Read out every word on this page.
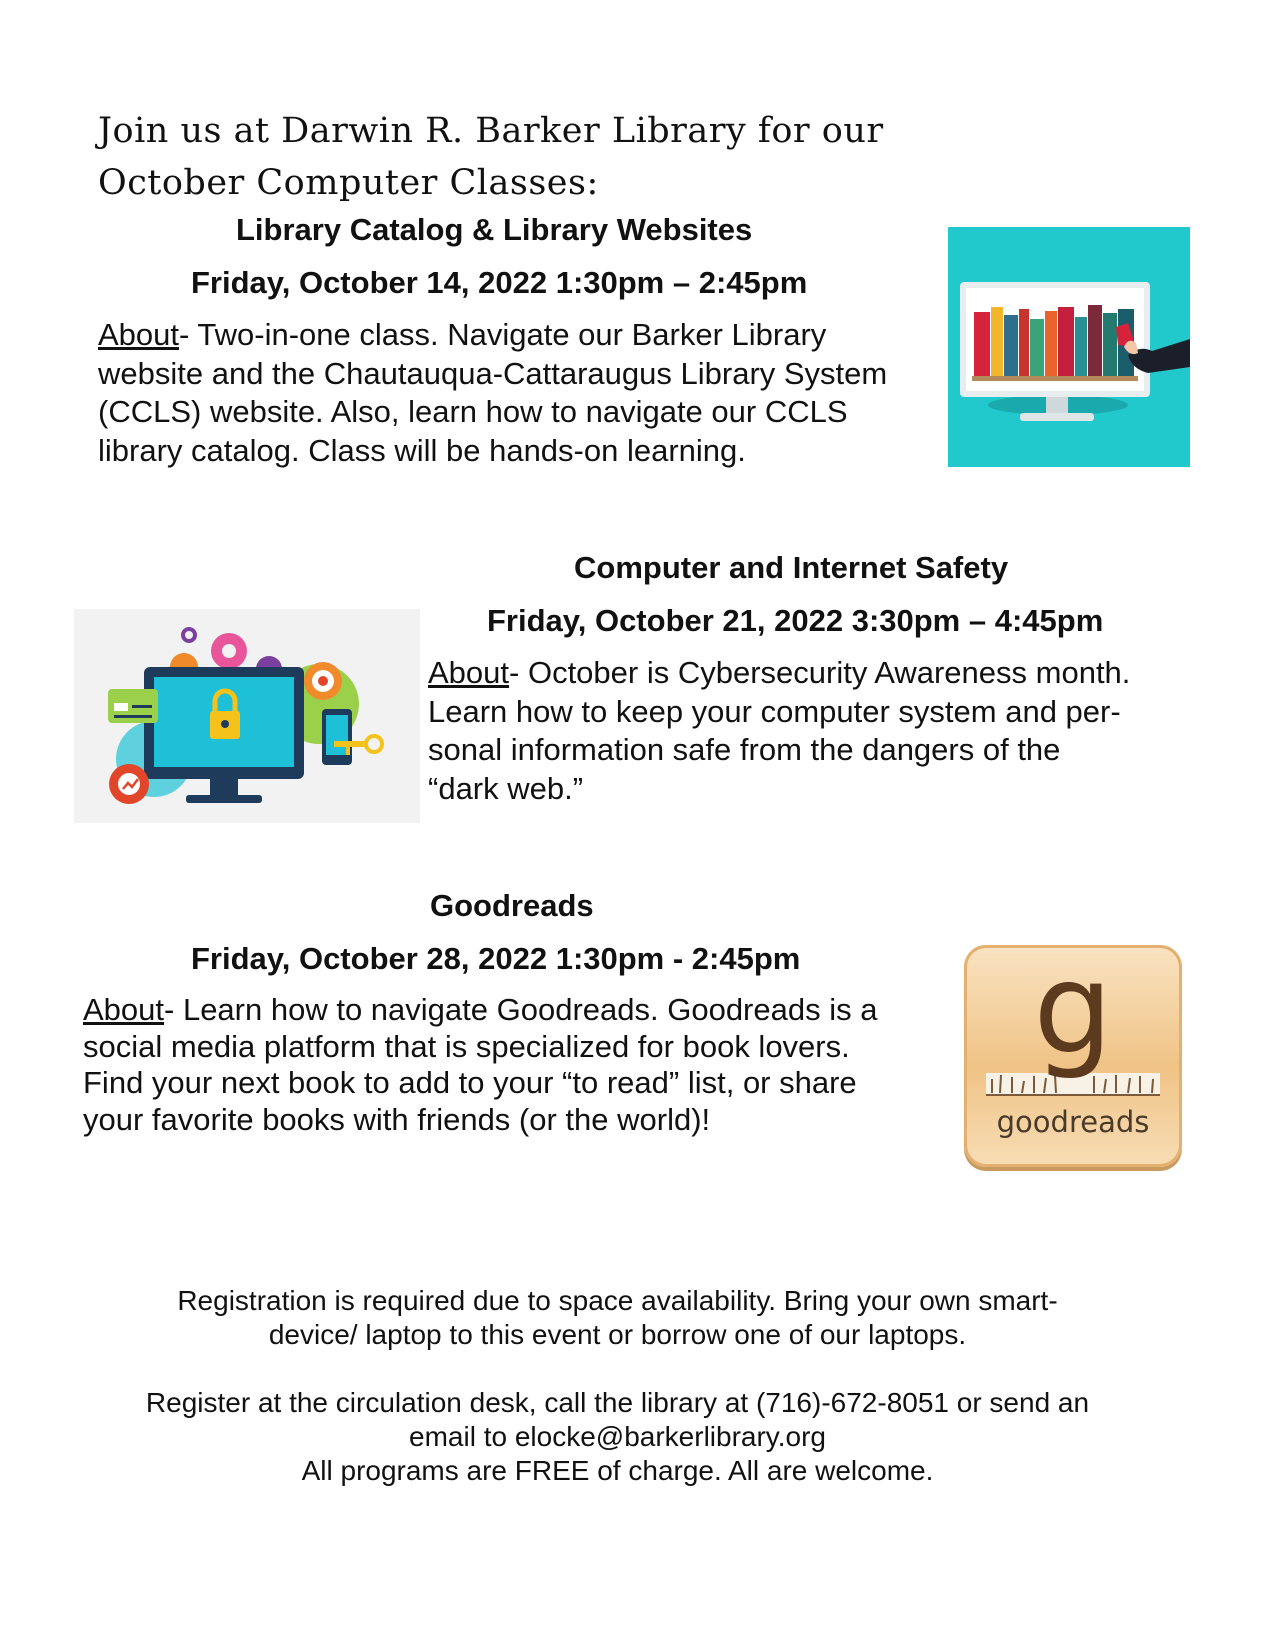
Join us at Darwin R. Barker Library for our
October Computer Classes:
Library Catalog & Library Websites
Friday, October 14, 2022 1:30pm – 2:45pm
About- Two-in-one class. Navigate our Barker Library
website and the Chautauqua-Cattaraugus Library System
(CCLS) website. Also, learn how to navigate our CCLS
library catalog. Class will be hands-on learning.
Computer and Internet Safety
Friday, October 21, 2022 3:30pm – 4:45pm
About- October is Cybersecurity Awareness month.
Learn how to keep your computer system and per-
sonal information safe from the dangers of the
“dark web.”
Goodreads
Friday, October 28, 2022 1:30pm - 2:45pm
About- Learn how to navigate Goodreads. Goodreads is a
social media platform that is specialized for book lovers.
Find your next book to add to your “to read” list, or share
your favorite books with friends (or the world)!
g
goodreads
Registration is required due to space availability. Bring your own smart-
device/ laptop to this event or borrow one of our laptops.
Register at the circulation desk, call the library at (716)-672-8051 or send an
email to elocke@barkerlibrary.org
All programs are FREE of charge. All are welcome.
